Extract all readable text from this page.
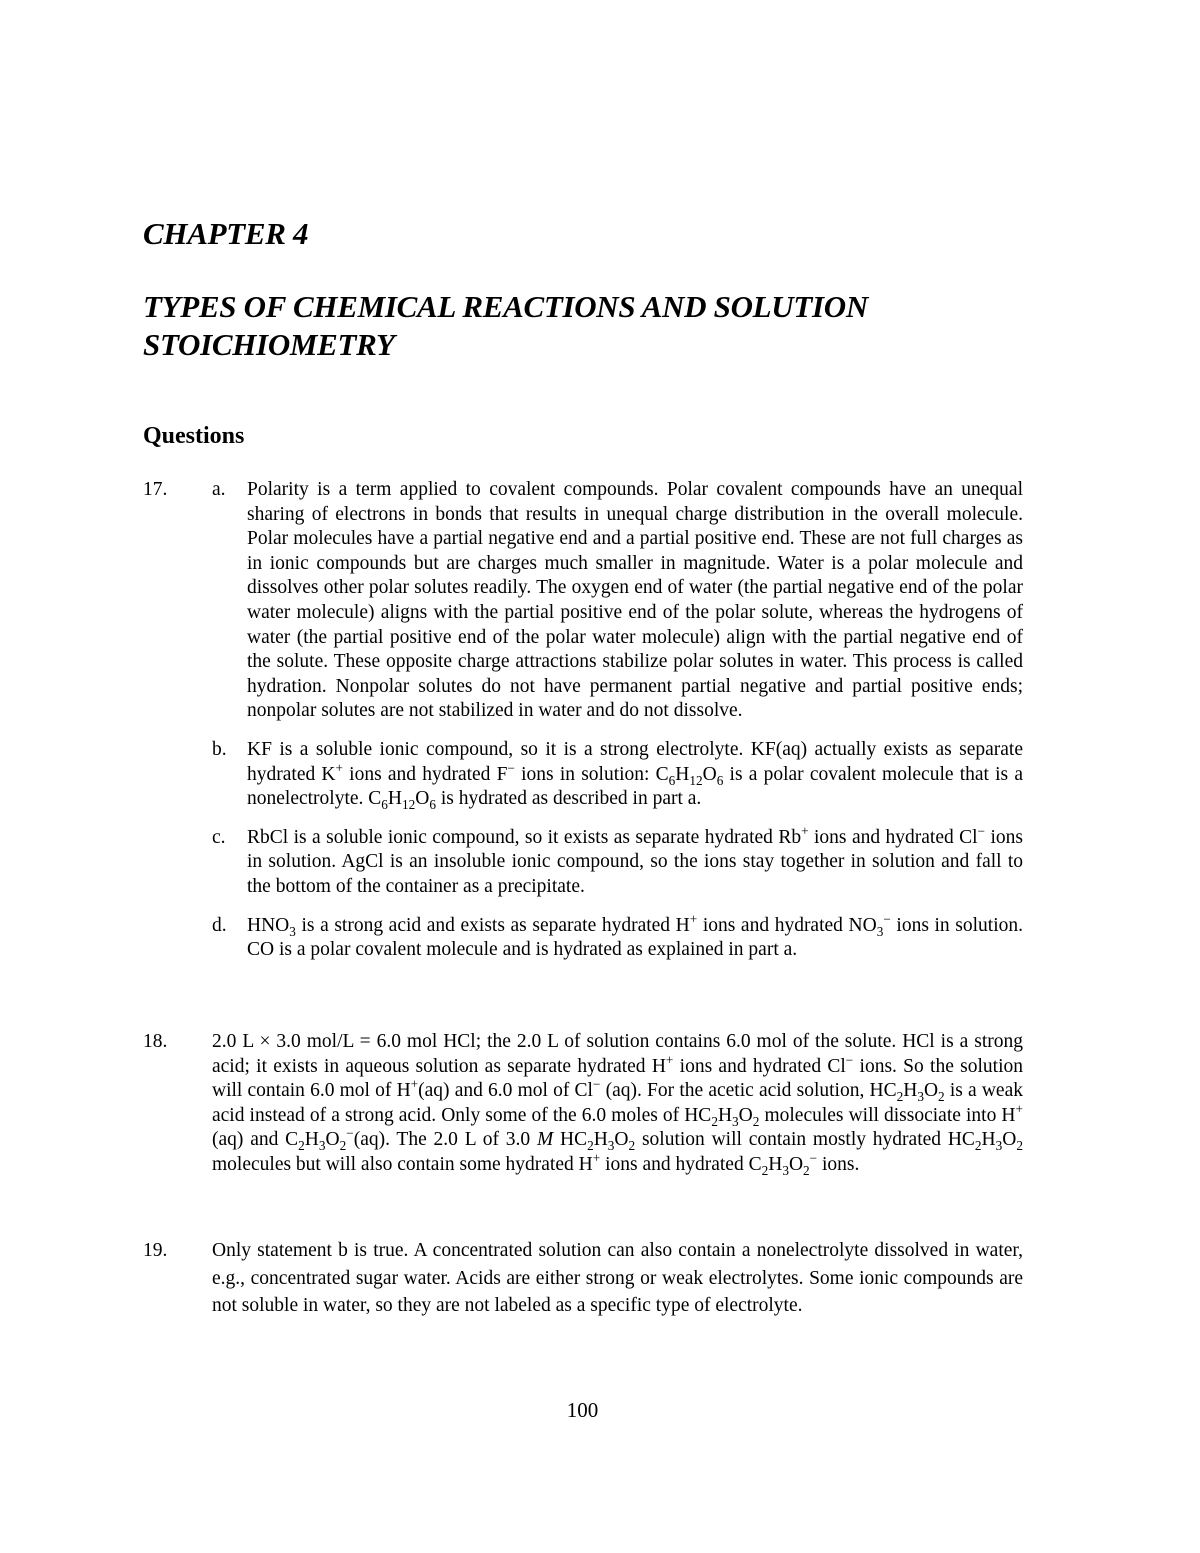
CHAPTER 4
TYPES OF CHEMICAL REACTIONS AND SOLUTION STOICHIOMETRY
Questions
17. a. Polarity is a term applied to covalent compounds. Polar covalent compounds have an unequal sharing of electrons in bonds that results in unequal charge distribution in the overall molecule. Polar molecules have a partial negative end and a partial positive end. These are not full charges as in ionic compounds but are charges much smaller in magnitude. Water is a polar molecule and dissolves other polar solutes readily. The oxygen end of water (the partial negative end of the polar water molecule) aligns with the partial positive end of the polar solute, whereas the hydrogens of water (the partial positive end of the polar water molecule) align with the partial negative end of the solute. These opposite charge attractions stabilize polar solutes in water. This process is called hydration. Nonpolar solutes do not have permanent partial negative and partial positive ends; nonpolar solutes are not stabilized in water and do not dissolve.
b. KF is a soluble ionic compound, so it is a strong electrolyte. KF(aq) actually exists as separate hydrated K+ ions and hydrated F− ions in solution: $C_6H_{12}O_6$ is a polar covalent molecule that is a nonelectrolyte. $C_6H_{12}O_6$ is hydrated as described in part a.
c. RbCl is a soluble ionic compound, so it exists as separate hydrated Rb+ ions and hydrated Cl− ions in solution. AgCl is an insoluble ionic compound, so the ions stay together in solution and fall to the bottom of the container as a precipitate.
d. $HNO_3$ is a strong acid and exists as separate hydrated H+ ions and hydrated $NO_3^-$ ions in solution. CO is a polar covalent molecule and is hydrated as explained in part a.
18. 2.0 L × 3.0 mol/L = 6.0 mol HCl; the 2.0 L of solution contains 6.0 mol of the solute. HCl is a strong acid; it exists in aqueous solution as separate hydrated H+ ions and hydrated Cl− ions. So the solution will contain 6.0 mol of H+(aq) and 6.0 mol of Cl− (aq). For the acetic acid solution, $HC_2H_3O_2$ is a weak acid instead of a strong acid. Only some of the 6.0 moles of $HC_2H_3O_2$ molecules will dissociate into H+(aq) and $C_2H_3O_2^-(aq)$. The 2.0 L of 3.0 M $HC_2H_3O_2$ solution will contain mostly hydrated $HC_2H_3O_2$ molecules but will also contain some hydrated H+ ions and hydrated $C_2H_3O_2^-$ ions.
19. Only statement b is true. A concentrated solution can also contain a nonelectrolyte dissolved in water, e.g., concentrated sugar water. Acids are either strong or weak electrolytes. Some ionic compounds are not soluble in water, so they are not labeled as a specific type of electrolyte.
100
